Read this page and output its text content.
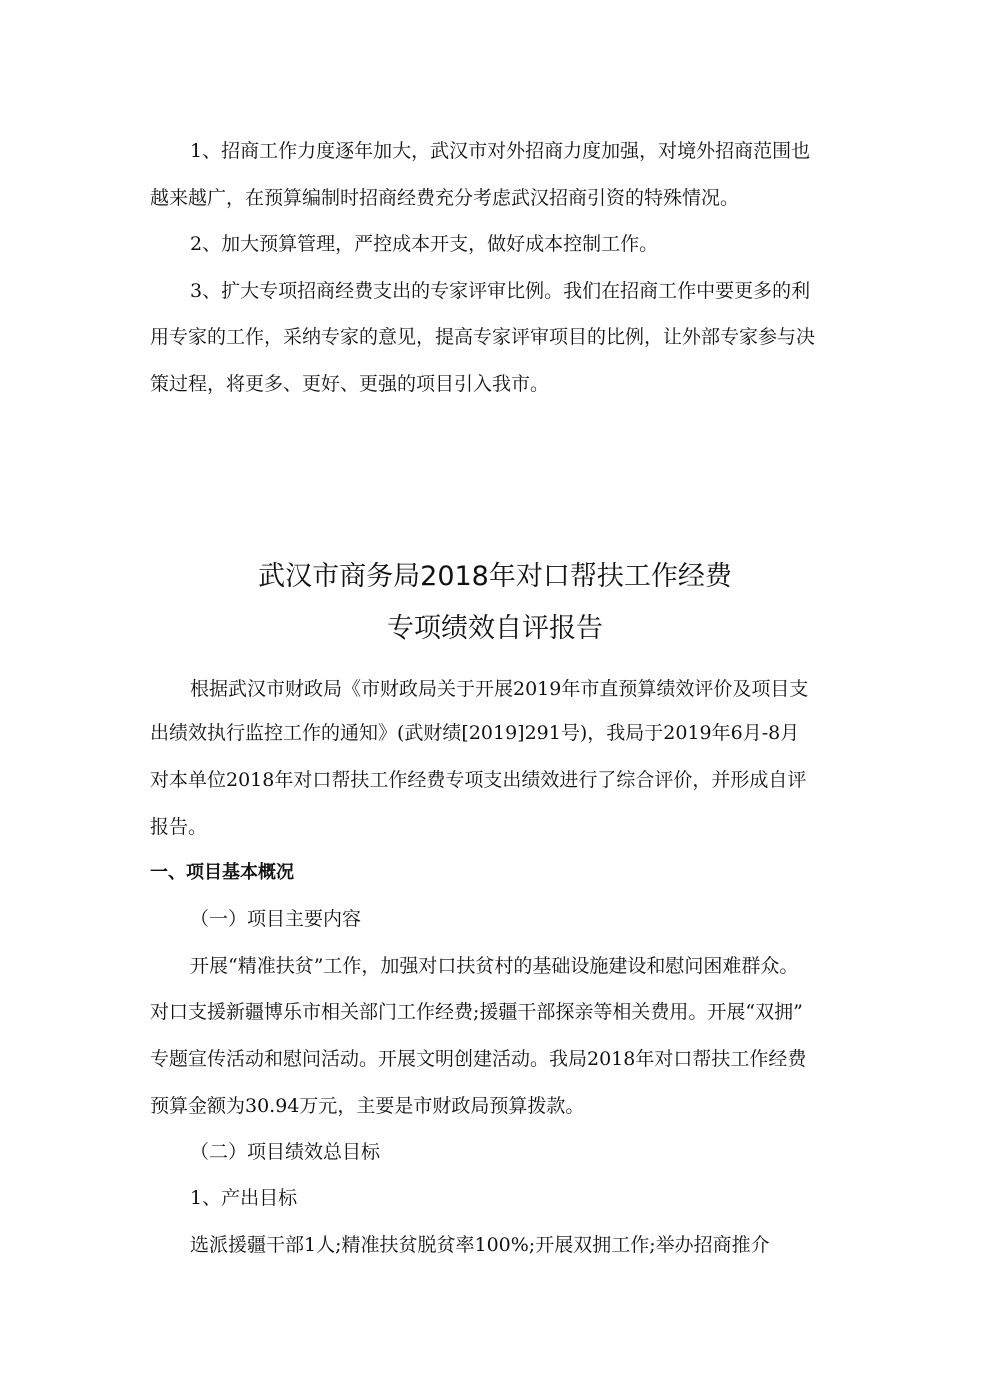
1、招商工作力度逐年加大，武汉市对外招商力度加强，对境外招商范围也
越来越广，在预算编制时招商经费充分考虑武汉招商引资的特殊情况。
2、加大预算管理，严控成本开支，做好成本控制工作。
3、扩大专项招商经费支出的专家评审比例。我们在招商工作中要更多的利
用专家的工作，采纳专家的意见，提高专家评审项目的比例，让外部专家参与决
策过程，将更多、更好、更强的项目引入我市。
武汉市商务局2018年对口帮扶工作经费
专项绩效自评报告
根据武汉市财政局《市财政局关于开展2019年市直预算绩效评价及项目支
出绩效执行监控工作的通知》(武财绩[2019]291号)，我局于2019年6月-8月
对本单位2018年对口帮扶工作经费专项支出绩效进行了综合评价，并形成自评
报告。
一、项目基本概况
（一）项目主要内容
开展“精准扶贫”工作，加强对口扶贫村的基础设施建设和慰问困难群众。
对口支援新疆博乐市相关部门工作经费;援疆干部探亲等相关费用。开展“双拥”
专题宣传活动和慰问活动。开展文明创建活动。我局2018年对口帮扶工作经费
预算金额为30.94万元，主要是市财政局预算拨款。
（二）项目绩效总目标
1、产出目标
选派援疆干部1人;精准扶贫脱贫率100%;开展双拥工作;举办招商推介
